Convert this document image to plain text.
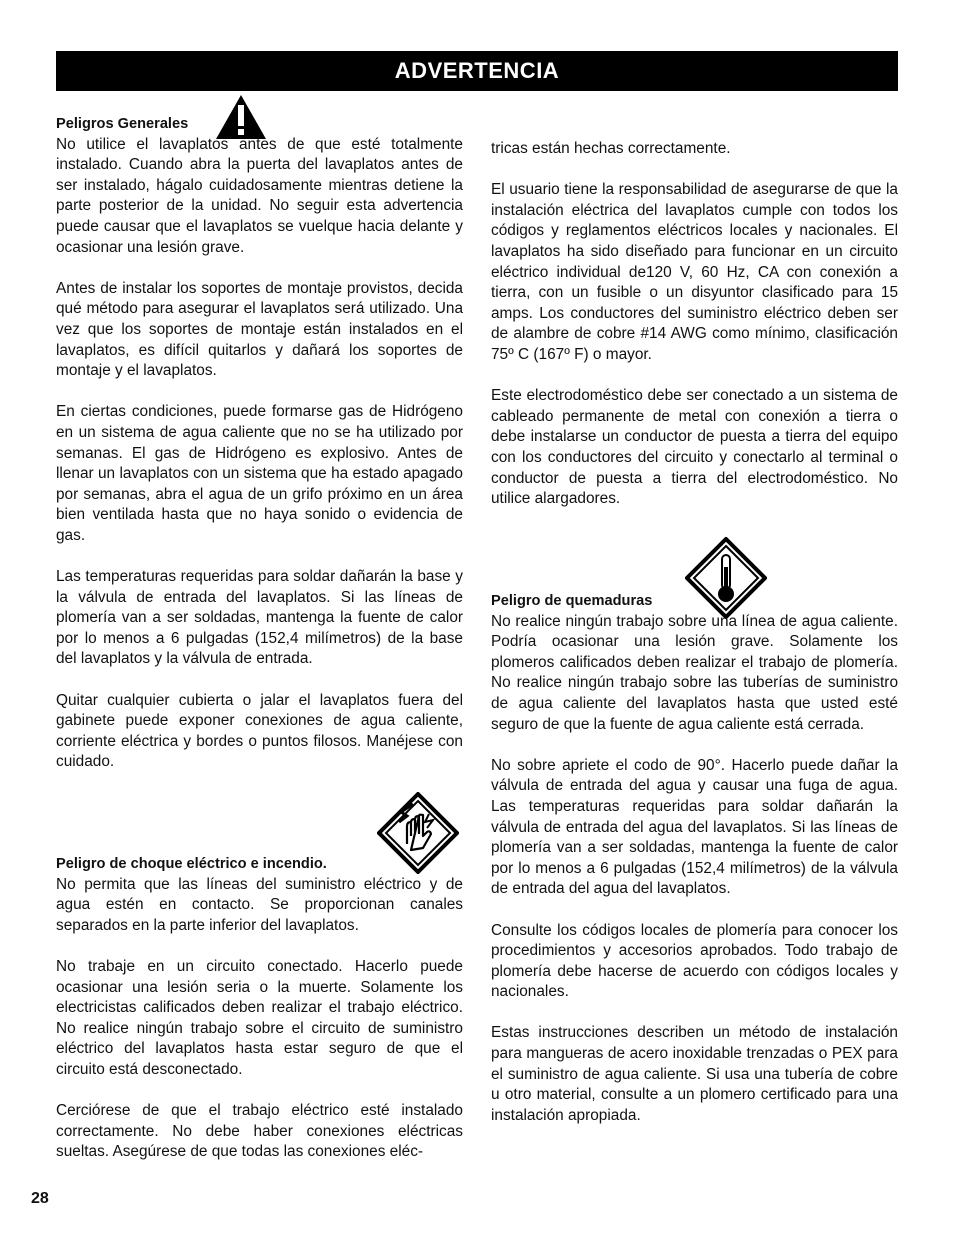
ADVERTENCIA
Peligros Generales

No utilice el lavaplatos antes de que esté totalmente instalado. Cuando abra la puerta del lavaplatos antes de ser instalado, hágalo cuidadosamente mientras detiene la parte posterior de la unidad. No seguir esta advertencia puede causar que el lavaplatos se vuelque hacia delante y ocasionar una lesión grave.

Antes de instalar los soportes de montaje provistos, decida qué método para asegurar el lavaplatos será utilizado. Una vez que los soportes de montaje están instalados en el lavaplatos, es difícil quitarlos y dañará los soportes de montaje y el lavaplatos.

En ciertas condiciones, puede formarse gas de Hidrógeno en un sistema de agua caliente que no se ha utilizado por semanas. El gas de Hidrógeno es explosivo. Antes de llenar un lavaplatos con un sistema que ha estado apagado por semanas, abra el agua de un grifo próximo en un área bien ventilada hasta que no haya sonido o evidencia de gas.

Las temperaturas requeridas para soldar dañarán la base y la válvula de entrada del lavaplatos. Si las líneas de plomería van a ser soldadas, mantenga la fuente de calor por lo menos a 6 pulgadas (152,4 milímetros) de la base del lavaplatos y la válvula de entrada.

Quitar cualquier cubierta o jalar el lavaplatos fuera del gabinete puede exponer conexiones de agua caliente, corriente eléctrica y bordes o puntos filosos. Manéjese con cuidado.

Peligro de choque eléctrico e incendio.

No permita que las líneas del suministro eléctrico y de agua estén en contacto. Se proporcionan canales separados en la parte inferior del lavaplatos.

No trabaje en un circuito conectado. Hacerlo puede ocasionar una lesión seria o la muerte. Solamente los electricistas calificados deben realizar el trabajo eléctrico. No realice ningún trabajo sobre el circuito de suministro eléctrico del lavaplatos hasta estar seguro de que el circuito está desconectado.

Cerciórese de que el trabajo eléctrico esté instalado correctamente. No debe haber conexiones eléctricas sueltas. Asegúrese de que todas las conexiones eléc-

tricas están hechas correctamente.

El usuario tiene la responsabilidad de asegurarse de que la instalación eléctrica del lavaplatos cumple con todos los códigos y reglamentos eléctricos locales y nacionales. El lavaplatos ha sido diseñado para funcionar en un circuito eléctrico individual de120 V, 60 Hz, CA con conexión a tierra, con un fusible o un disyuntor clasificado para 15 amps. Los conductores del suministro eléctrico deben ser de alambre de cobre #14 AWG como mínimo, clasificación 75º C (167º F) o mayor.

Este electrodoméstico debe ser conectado a un sistema de cableado permanente de metal con conexión a tierra o debe instalarse un conductor de puesta a tierra del equipo con los conductores del circuito y conectarlo al terminal o conductor de puesta a tierra del electrodoméstico. No utilice alargadores.

Peligro de quemaduras

No realice ningún trabajo sobre una línea de agua caliente. Podría ocasionar una lesión grave. Solamente los plomeros calificados deben realizar el trabajo de plomería. No realice ningún trabajo sobre las tuberías de suministro de agua caliente del lavaplatos hasta que usted esté seguro de que la fuente de agua caliente está cerrada.

No sobre apriete el codo de 90°. Hacerlo puede dañar la válvula de entrada del agua y causar una fuga de agua. Las temperaturas requeridas para soldar dañarán la válvula de entrada del agua del lavaplatos. Si las líneas de plomería van a ser soldadas, mantenga la fuente de calor por lo menos a 6 pulgadas (152,4 milímetros) de la válvula de entrada del agua del lavaplatos.

Consulte los códigos locales de plomería para conocer los procedimientos y accesorios aprobados. Todo trabajo de plomería debe hacerse de acuerdo con códigos locales y nacionales.

Estas instrucciones describen un método de instalación para mangueras de acero inoxidable trenzadas o PEX para el suministro de agua caliente. Si usa una tubería de cobre u otro material, consulte a un plomero certificado para una instalación apropiada.

28
